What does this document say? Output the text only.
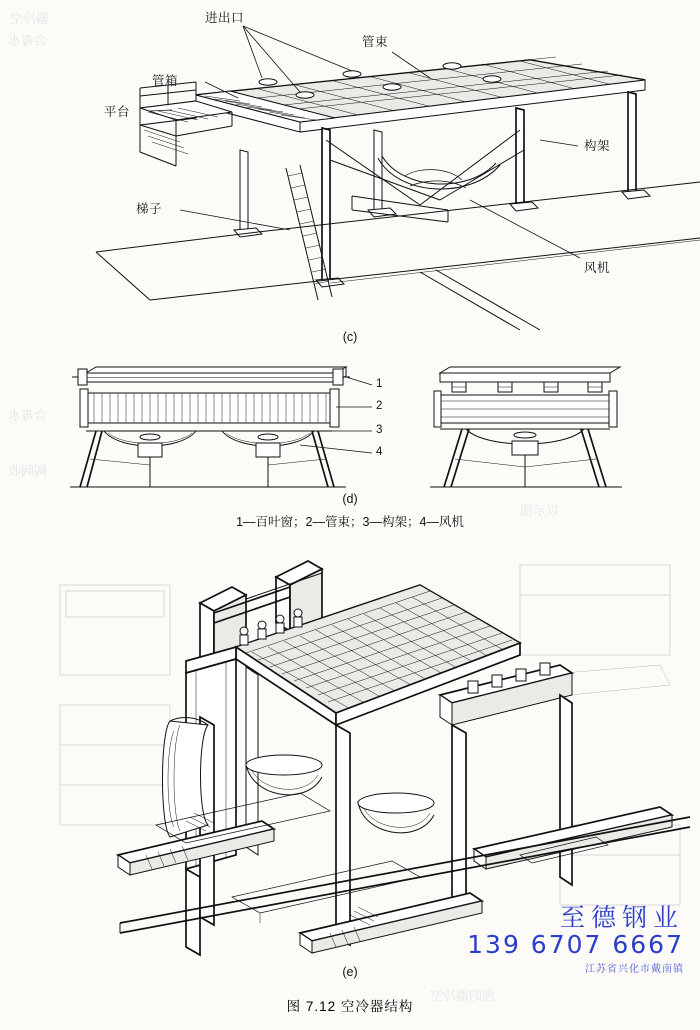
器冷空
合毒水
合毒水
阔阔收
以示图
图的器冷空
进出口
管束
管箱
平台
梯子
构架
风机
(c)
1
2
3
4
(d)
1—百叶窗；2—管束；3—构架；4—风机
(e)
至德钢业
139 6707 6667
江苏省兴化市戴南镇
图 7.12 空冷器结构
